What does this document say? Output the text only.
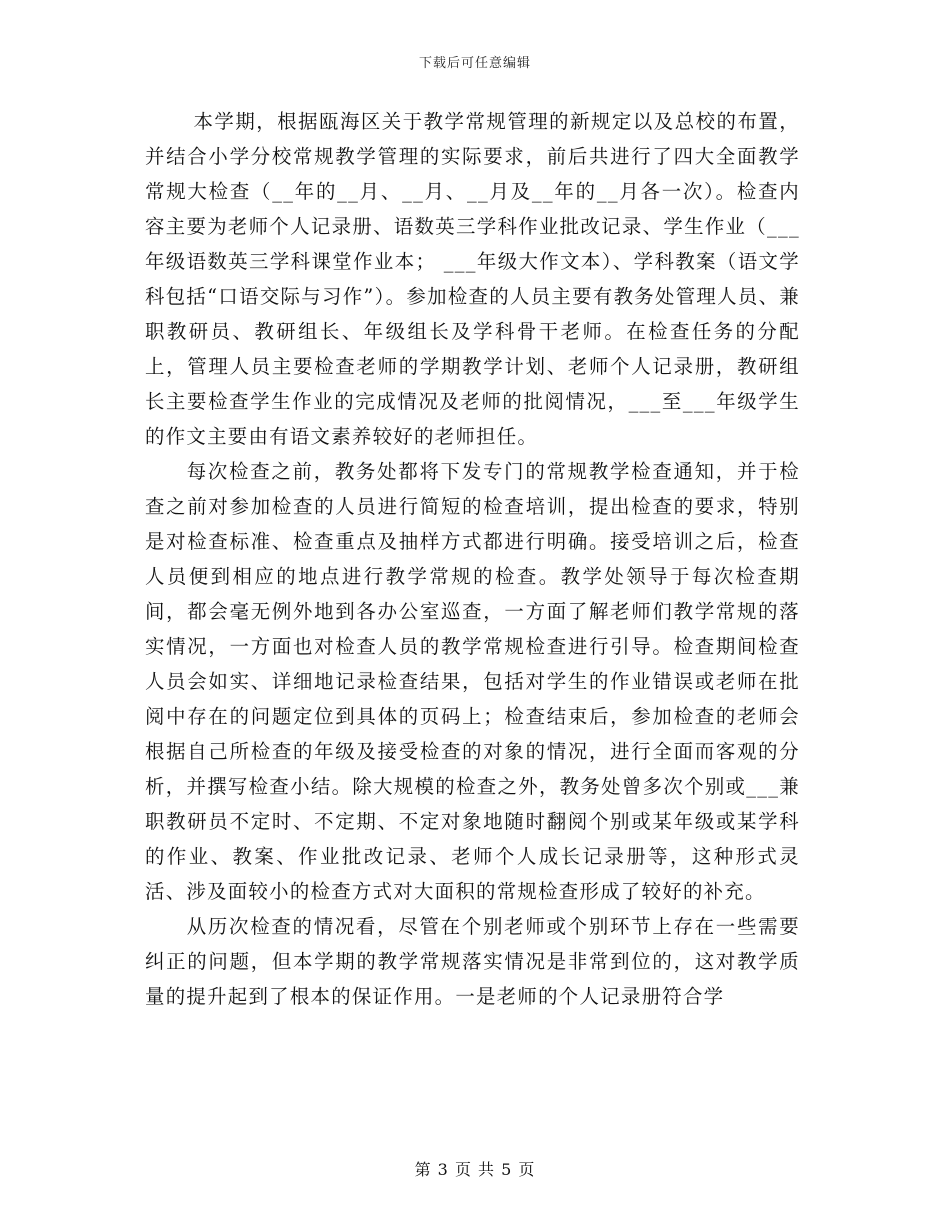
下载后可任意编辑

本学期，根据瓯海区关于教学常规管理的新规定以及总校的布置，并结合小学分校常规教学管理的实际要求，前后共进行了四大全面教学常规大检查（__年的__月、__月、__月及__年的__月各一次）。检查内容主要为老师个人记录册、语数英三学科作业批改记录、学生作业（___年级语数英三学科课堂作业本； ___年级大作文本）、学科教案（语文学科包括“口语交际与习作”）。参加检查的人员主要有教务处管理人员、兼职教研员、教研组长、年级组长及学科骨干老师。在检查任务的分配上，管理人员主要检查老师的学期教学计划、老师个人记录册，教研组长主要检查学生作业的完成情况及老师的批阅情况，___至___年级学生的作文主要由有语文素养较好的老师担任。

每次检查之前，教务处都将下发专门的常规教学检查通知，并于检查之前对参加检查的人员进行简短的检查培训，提出检查的要求，特别是对检查标准、检查重点及抽样方式都进行明确。接受培训之后，检查人员便到相应的地点进行教学常规的检查。教学处领导于每次检查期间，都会毫无例外地到各办公室巡查，一方面了解老师们教学常规的落实情况，一方面也对检查人员的教学常规检查进行引导。检查期间检查人员会如实、详细地记录检查结果，包括对学生的作业错误或老师在批阅中存在的问题定位到具体的页码上；检查结束后，参加检查的老师会根据自己所检查的年级及接受检查的对象的情况，进行全面而客观的分析，并撰写检查小结。除大规模的检查之外，教务处曾多次个别或___兼职教研员不定时、不定期、不定对象地随时翻阅个别或某年级或某学科的作业、教案、作业批改记录、老师个人成长记录册等，这种形式灵活、涉及面较小的检查方式对大面积的常规检查形成了较好的补充。

从历次检查的情况看，尽管在个别老师或个别环节上存在一些需要纠正的问题，但本学期的教学常规落实情况是非常到位的，这对教学质量的提升起到了根本的保证作用。一是老师的个人记录册符合学

第 3 页 共 5 页
